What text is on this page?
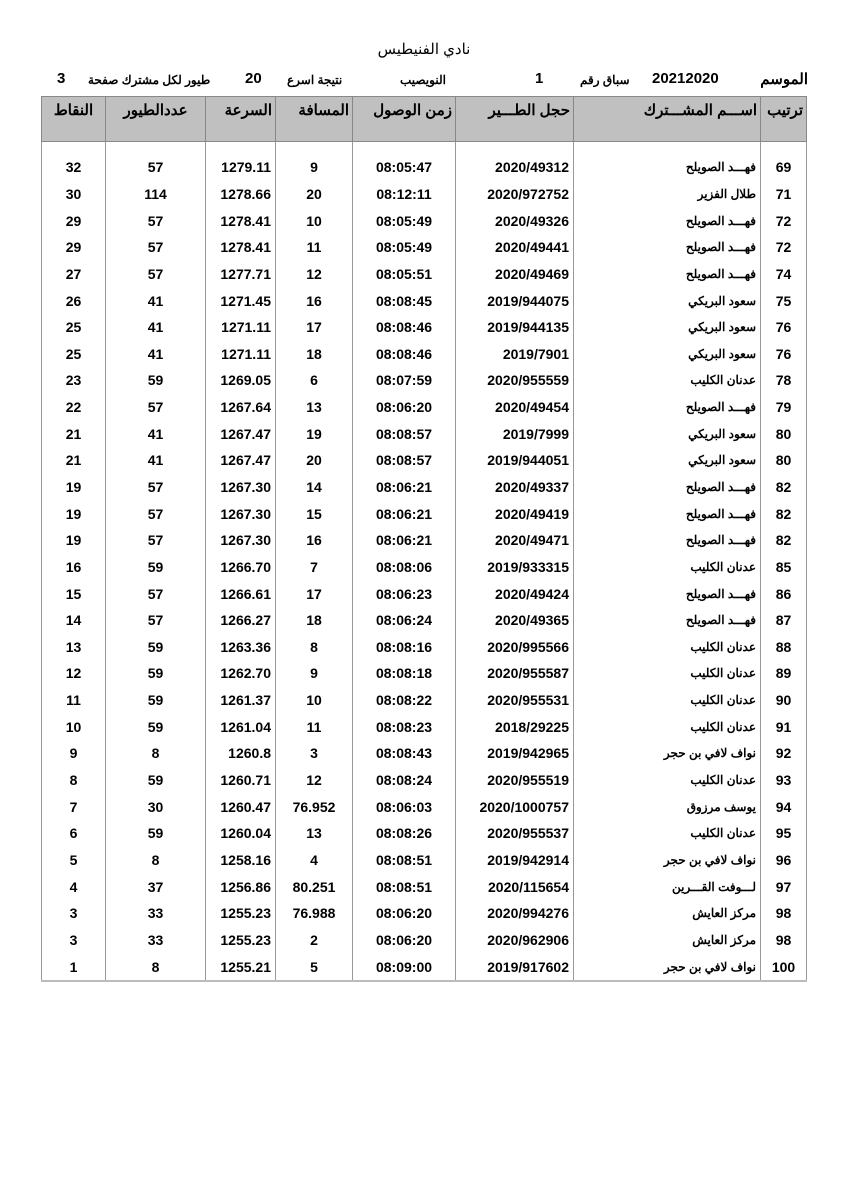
نادي الفنيطيس
الموسم
20212020
سباق رقم
1
النويصيب
نتيجة اسرع
20
طيور لكل مشترك صفحة
3
النقاط	عددالطيور	السرعة	المسافة	زمن الوصول	حجل الطـــير	اســـم المشـــترك	ترتيب

32	57	1279.11	9	08:05:47	2020/49312	فهـــد الصويلح	69
30	114	1278.66	20	08:12:11	2020/972752	طلال الفزير	71
29	57	1278.41	10	08:05:49	2020/49326	فهـــد الصويلح	72
29	57	1278.41	11	08:05:49	2020/49441	فهـــد الصويلح	72
27	57	1277.71	12	08:05:51	2020/49469	فهـــد الصويلح	74
26	41	1271.45	16	08:08:45	2019/944075	سعود البريكي	75
25	41	1271.11	17	08:08:46	2019/944135	سعود البريكي	76
25	41	1271.11	18	08:08:46	2019/7901	سعود البريكي	76
23	59	1269.05	6	08:07:59	2020/955559	عدنان الكليب	78
22	57	1267.64	13	08:06:20	2020/49454	فهـــد الصويلح	79
21	41	1267.47	19	08:08:57	2019/7999	سعود البريكي	80
21	41	1267.47	20	08:08:57	2019/944051	سعود البريكي	80
19	57	1267.30	14	08:06:21	2020/49337	فهـــد الصويلح	82
19	57	1267.30	15	08:06:21	2020/49419	فهـــد الصويلح	82
19	57	1267.30	16	08:06:21	2020/49471	فهـــد الصويلح	82
16	59	1266.70	7	08:08:06	2019/933315	عدنان الكليب	85
15	57	1266.61	17	08:06:23	2020/49424	فهـــد الصويلح	86
14	57	1266.27	18	08:06:24	2020/49365	فهـــد الصويلح	87
13	59	1263.36	8	08:08:16	2020/995566	عدنان الكليب	88
12	59	1262.70	9	08:08:18	2020/955587	عدنان الكليب	89
11	59	1261.37	10	08:08:22	2020/955531	عدنان الكليب	90
10	59	1261.04	11	08:08:23	2018/29225	عدنان الكليب	91
9	8	1260.8	3	08:08:43	2019/942965	نواف لافي بن حجر	92
8	59	1260.71	12	08:08:24	2020/955519	عدنان الكليب	93
7	30	1260.47	76.952	08:06:03	2020/1000757	يوسف مرزوق	94
6	59	1260.04	13	08:08:26	2020/955537	عدنان الكليب	95
5	8	1258.16	4	08:08:51	2019/942914	نواف لافي بن حجر	96
4	37	1256.86	80.251	08:08:51	2020/115654	لـــوفت القـــرين	97
3	33	1255.23	76.988	08:06:20	2020/994276	مركز العايش	98
3	33	1255.23	2	08:06:20	2020/962906	مركز العايش	98
1	8	1255.21	5	08:09:00	2019/917602	نواف لافي بن حجر	100
